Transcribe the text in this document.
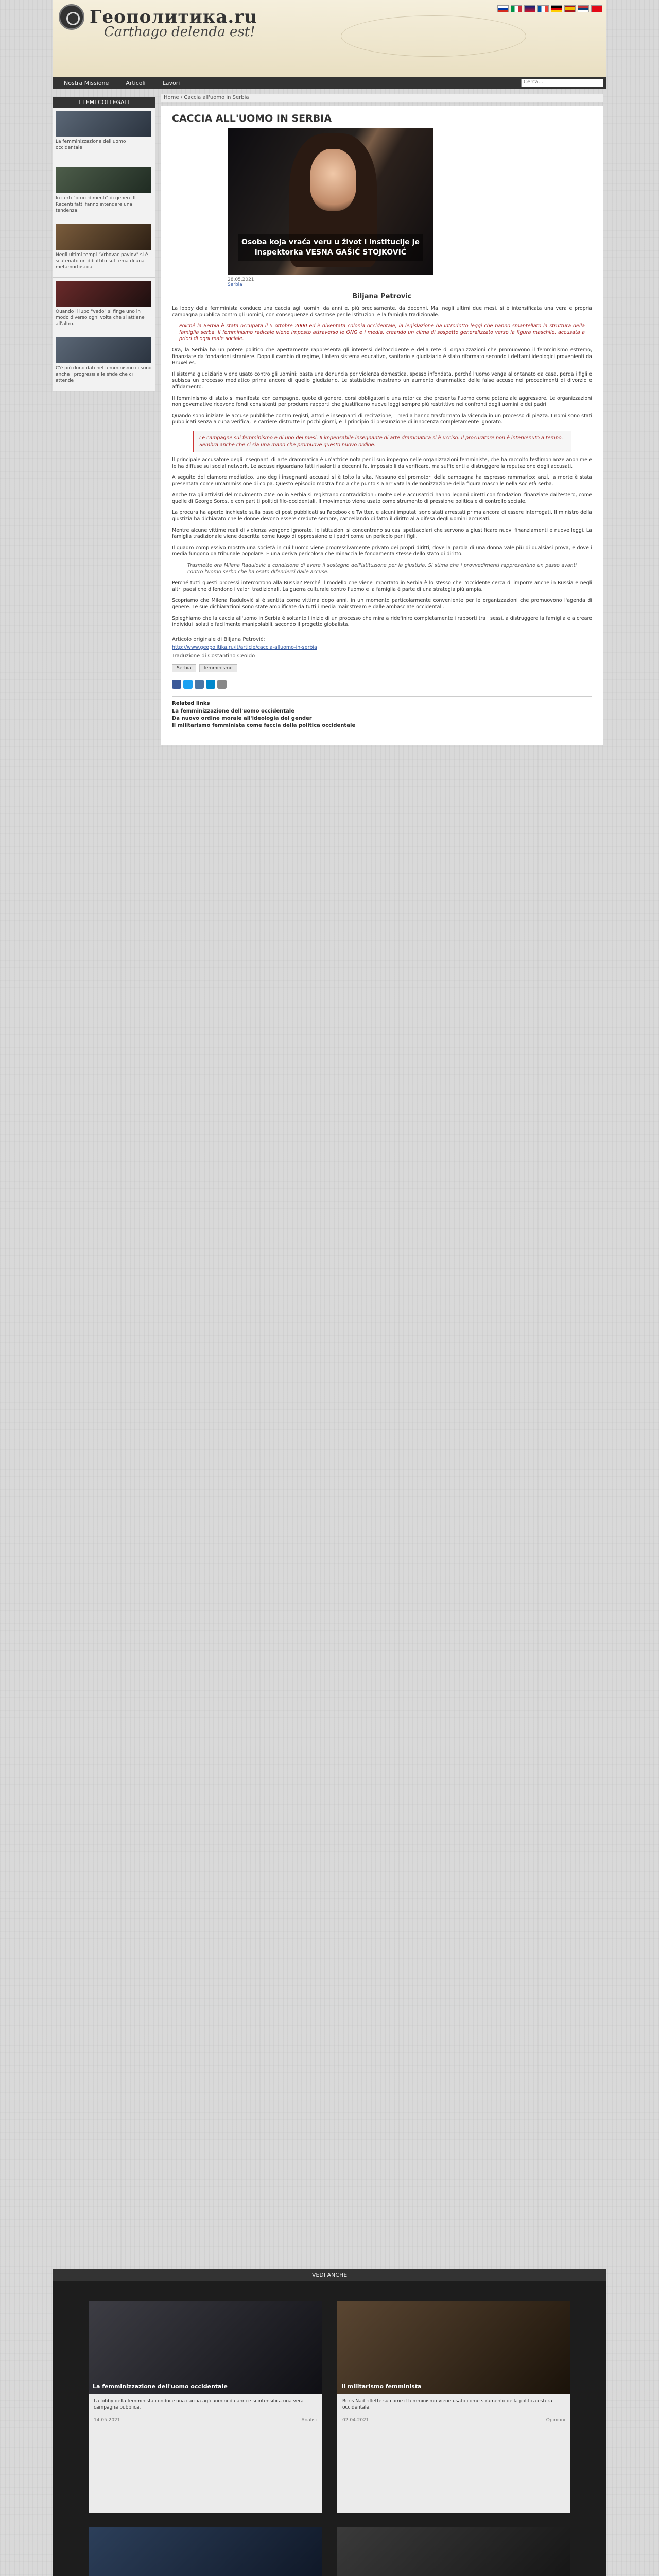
Геополитика.ru
Carthago delenda est!
Nostra Missione	Articoli	Lavori	Cerca...
Home / Caccia all'uomo in Serbia
I TEMI COLLEGATI
La femminizzazione dell'uomo occidentale
In certi "procedimenti" di genere Il Recenti fatti fanno intendere una tendenza.
Negli ultimi tempi "Vrbovac pavlov" si è scatenato un dibattito sul tema di una metamorfosi da
Quando il lupo "vedo" si finge uno in modo diverso ogni volta che si attiene all'altro.
C'è più dono dati nel femminismo ci sono anche i progressi e le sfide che ci attende
CACCIA ALL'UOMO IN SERBIA
Osoba koja vraća veru u život i institucije je inspektorka VESNA GAŠIĆ STOJKOVIĆ
28.05.2021
Serbia
Biljana Petrovic

La lobby della femminista conduce una caccia agli uomini da anni e, più precisamente, da decenni. Ma, negli ultimi due mesi, si è intensificata una vera e propria campagna pubblica contro gli uomini, con conseguenze disastrose per le istituzioni e la famiglia tradizionale.

Poiché la Serbia è stata occupata il 5 ottobre 2000 ed è diventata colonia occidentale, la legislazione ha introdotto leggi che hanno smantellato la struttura della famiglia serba. Il femminismo radicale viene imposto attraverso le ONG e i media, creando un clima di sospetto generalizzato verso la figura maschile, accusata a priori di ogni male sociale.

Ora, la Serbia ha un potere politico che apertamente rappresenta gli interessi dell'occidente e della rete di organizzazioni che promuovono il femminismo estremo, finanziate da fondazioni straniere. Dopo il cambio di regime, l'intero sistema educativo, sanitario e giudiziario è stato riformato secondo i dettami ideologici provenienti da Bruxelles.

Il sistema giudiziario viene usato contro gli uomini: basta una denuncia per violenza domestica, spesso infondata, perché l'uomo venga allontanato da casa, perda i figli e subisca un processo mediatico prima ancora di quello giudiziario. Le statistiche mostrano un aumento drammatico delle false accuse nei procedimenti di divorzio e affidamento.

Il femminismo di stato si manifesta con campagne, quote di genere, corsi obbligatori e una retorica che presenta l'uomo come potenziale aggressore. Le organizzazioni non governative ricevono fondi consistenti per produrre rapporti che giustificano nuove leggi sempre più restrittive nei confronti degli uomini e dei padri.

Quando sono iniziate le accuse pubbliche contro registi, attori e insegnanti di recitazione, i media hanno trasformato la vicenda in un processo di piazza. I nomi sono stati pubblicati senza alcuna verifica, le carriere distrutte in pochi giorni, e il principio di presunzione di innocenza completamente ignorato.

Le campagne sui femminismo e di uno dei mesi. Il impensabile insegnante di arte drammatica si è ucciso. Il procuratore non è intervenuto a tempo. Sembra anche che ci sia una mano che promuove questo nuovo ordine.

Il principale accusatore degli insegnanti di arte drammatica è un'attrice nota per il suo impegno nelle organizzazioni femministe, che ha raccolto testimonianze anonime e le ha diffuse sui social network. Le accuse riguardano fatti risalenti a decenni fa, impossibili da verificare, ma sufficienti a distruggere la reputazione degli accusati.

A seguito del clamore mediatico, uno degli insegnanti accusati si è tolto la vita. Nessuno dei promotori della campagna ha espresso rammarico; anzi, la morte è stata presentata come un'ammissione di colpa. Questo episodio mostra fino a che punto sia arrivata la demonizzazione della figura maschile nella società serba.

Anche tra gli attivisti del movimento #MeToo in Serbia si registrano contraddizioni: molte delle accusatrici hanno legami diretti con fondazioni finanziate dall'estero, come quelle di George Soros, e con partiti politici filo-occidentali. Il movimento viene usato come strumento di pressione politica e di controllo sociale.

La procura ha aperto inchieste sulla base di post pubblicati su Facebook e Twitter, e alcuni imputati sono stati arrestati prima ancora di essere interrogati. Il ministro della giustizia ha dichiarato che le donne devono essere credute sempre, cancellando di fatto il diritto alla difesa degli uomini accusati.

Mentre alcune vittime reali di violenza vengono ignorate, le istituzioni si concentrano su casi spettacolari che servono a giustificare nuovi finanziamenti e nuove leggi. La famiglia tradizionale viene descritta come luogo di oppressione e i padri come un pericolo per i figli.

Il quadro complessivo mostra una società in cui l'uomo viene progressivamente privato dei propri diritti, dove la parola di una donna vale più di qualsiasi prova, e dove i media fungono da tribunale popolare. È una deriva pericolosa che minaccia le fondamenta stesse dello stato di diritto.

Trasmette ora Milena Radulović a condizione di avere il sostegno dell'istituzione per la giustizia. Si stima che i provvedimenti rappresentino un passo avanti contro l'uomo serbo che ha osato difendersi dalle accuse.

Perché tutti questi processi intercorrono alla Russia? Perché il modello che viene importato in Serbia è lo stesso che l'occidente cerca di imporre anche in Russia e negli altri paesi che difendono i valori tradizionali. La guerra culturale contro l'uomo e la famiglia è parte di una strategia più ampia.

Scopriamo che Milena Radulović si è sentita come vittima dopo anni, in un momento particolarmente conveniente per le organizzazioni che promuovono l'agenda di genere. Le sue dichiarazioni sono state amplificate da tutti i media mainstream e dalle ambasciate occidentali.

Spieghiamo che la caccia all'uomo in Serbia è soltanto l'inizio di un processo che mira a ridefinire completamente i rapporti tra i sessi, a distruggere la famiglia e a creare individui isolati e facilmente manipolabili, secondo il progetto globalista.

Articolo originale di Biljana Petrović:
http://www.geopolitika.ru/it/article/caccia-alluomo-in-serbia
Traduzione di Costantino Ceoldo
Serbia	femminismo
Related links
La femminizzazione dell'uomo occidentale
Da nuovo ordine morale all'ideologia del gender
Il militarismo femminista come faccia della politica occidentale
VEDI ANCHE
La femminizzazione dell'uomo occidentale
La lobby della femminista conduce una caccia agli uomini da anni e si intensifica una vera campagna pubblica.
14.05.2021	Analisi
Il militarismo femminista
Boris Nad riflette su come il femminismo viene usato come strumento della politica estera occidentale.
02.04.2021	Opinioni
